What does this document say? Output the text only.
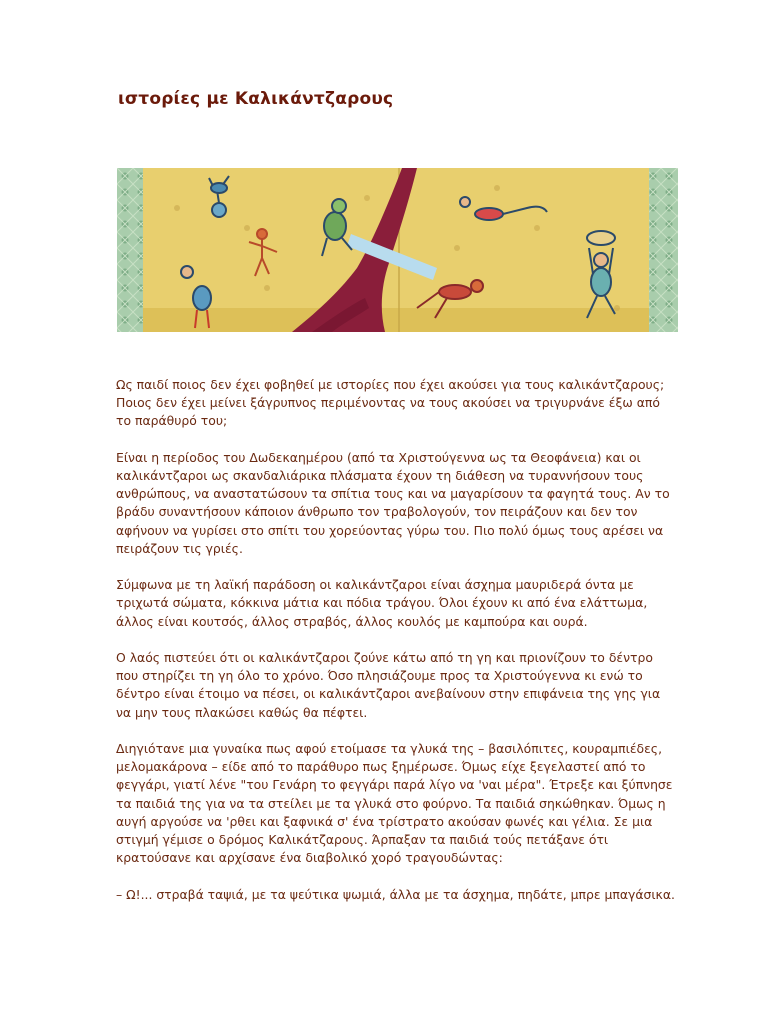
ιστορίες με Καλικάντζαρους

Ως παιδί ποιος δεν έχει φοβηθεί με ιστορίες που έχει ακούσει για τους καλικάντζαρους; Ποιος δεν έχει μείνει ξάγρυπνος περιμένοντας να τους ακούσει να τριγυρνάνε έξω από το παράθυρό του;

Είναι η περίοδος του Δωδεκαημέρου (από τα Χριστούγεννα ως τα Θεοφάνεια) και οι καλικάντζαροι ως σκανδαλιάρικα πλάσματα έχουν τη διάθεση να τυραννήσουν τους ανθρώπους, να αναστατώσουν τα σπίτια τους και να μαγαρίσουν τα φαγητά τους. Αν το βράδυ συναντήσουν κάποιον άνθρωπο τον τραβολογούν, τον πειράζουν και δεν τον αφήνουν να γυρίσει στο σπίτι του χορεύοντας γύρω του. Πιο πολύ όμως τους αρέσει να πειράζουν τις γριές.

Σύμφωνα με τη λαϊκή παράδοση οι καλικάντζαροι είναι άσχημα μαυριδερά όντα με τριχωτά σώματα, κόκκινα μάτια και πόδια τράγου. Όλοι έχουν κι από ένα ελάττωμα, άλλος είναι κουτσός, άλλος στραβός, άλλος κουλός με καμπούρα και ουρά.

Ο λαός πιστεύει ότι οι καλικάντζαροι ζούνε κάτω από τη γη και πριονίζουν το δέντρο που στηρίζει τη γη όλο το χρόνο. Όσο πλησιάζουμε προς τα Χριστούγεννα κι ενώ το δέντρο είναι έτοιμο να πέσει, οι καλικάντζαροι ανεβαίνουν στην επιφάνεια της γης για να μην τους πλακώσει καθώς θα πέφτει.

Διηγιότανε μια γυναίκα πως αφού ετοίμασε τα γλυκά της – βασιλόπιτες, κουραμπιέδες, μελομακάρονα – είδε από το παράθυρο πως ξημέρωσε. Όμως είχε ξεγελαστεί από το φεγγάρι, γιατί λένε "του Γενάρη το φεγγάρι παρά λίγο να 'ναι μέρα". Έτρεξε και ξύπνησε τα παιδιά της για να τα στείλει με τα γλυκά στο φούρνο. Τα παιδιά σηκώθηκαν. Όμως η αυγή αργούσε να 'ρθει και ξαφνικά σ' ένα τρίστρατο ακούσαν φωνές και γέλια. Σε μια στιγμή γέμισε ο δρόμος Καλικάτζαρους. Άρπαξαν τα παιδιά τούς πετάξανε ότι κρατούσανε και αρχίσανε ένα διαβολικό χορό τραγουδώντας:

– Ω!... στραβά ταψιά, με τα ψεύτικα ψωμιά, άλλα με τα άσχημα, πηδάτε, μπρε μπαγάσικα.
